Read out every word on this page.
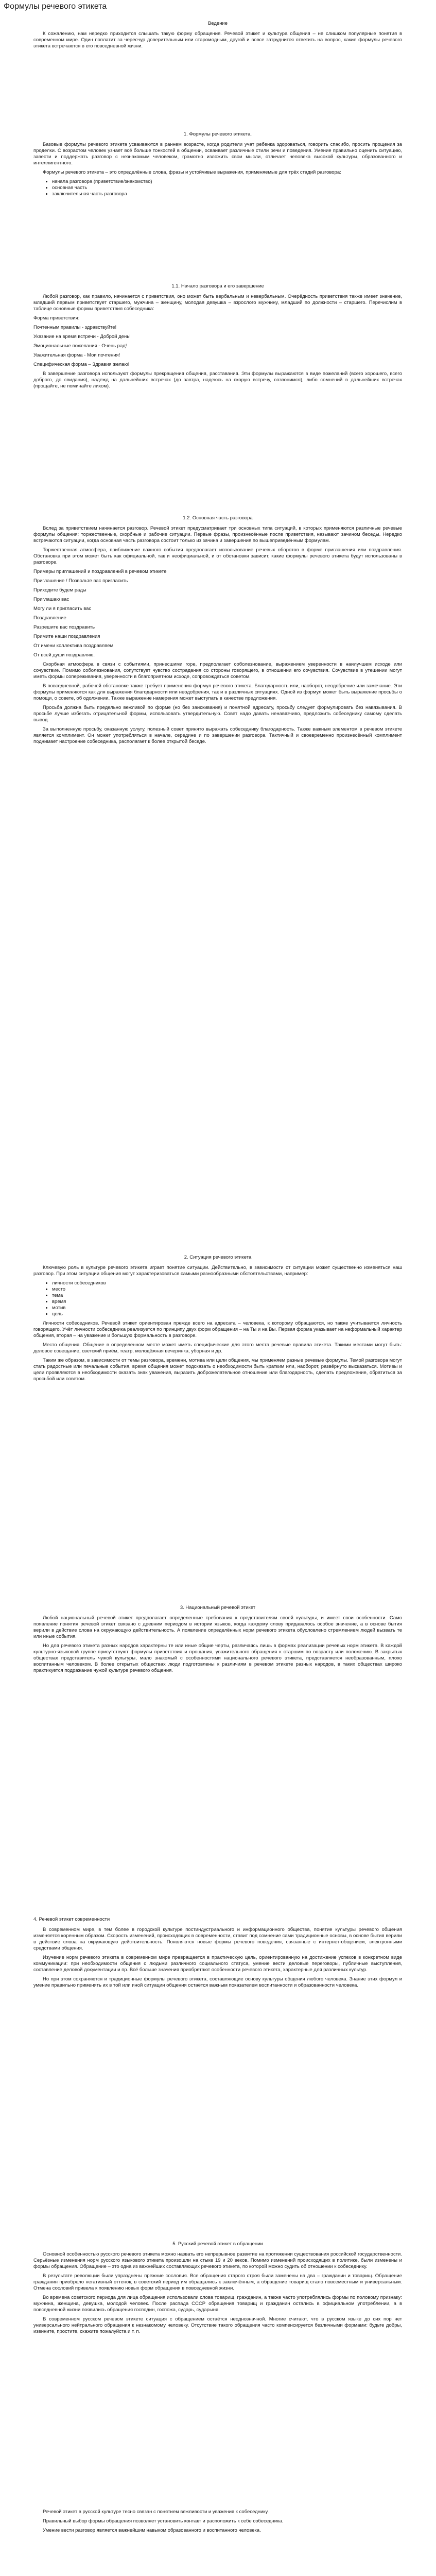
Формулы речевого этикета

Ведение

К сожалению, нам нередко приходится слышать такую форму обращения. Речевой этикет и культура общения – не слишком популярные понятия в современном мире. Один поплатит за чересчур доверительным или старомодным, другой и вовсе затруднится ответить на вопрос, какие формулы речевого этикета встречаются в его повседневной жизни.

1. Формулы речевого этикета.

Базовые формулы речевого этикета усваиваются в раннем возрасте, когда родители учат ребенка здороваться, говорить спасибо, просить прощения за проделки. С возрастом человек узнает всё больше тонкостей в общении, осваивает различные стили речи и поведения. Умение правильно оценить ситуацию, завести и поддержать разговор с незнакомым человеком, грамотно изложить свои мысли, отличает человека высокой культуры, образованного и интеллигентного.

Формулы речевого этикета – это определённые слова, фразы и устойчивые выражения, применяемые для трёх стадий разговора:

• начала разговора (приветствие/знакомство)
• основная часть
• заключительная часть разговора

1.1. Начало разговора и его завершение

Любой разговор, как правило, начинается с приветствия, оно может быть вербальным и невербальным. Очерёдность приветствия также имеет значение, младший первым приветствует старшего, мужчина – женщину, молодая девушка – взрослого мужчину, младший по должности – старшего. Перечислим в таблице основные формы приветствия собеседника:

Форма приветствия:

Почтенным правилы - здравствуйте!

Указание на время встречи - Доброй день!

Эмоциональные пожелания - Очень рад!

Уважительная форма - Мои почтения!

Специфическая форма – Здравия желаю!

В завершение разговора используют формулы прекращения общения, расставания. Эти формулы выражаются в виде пожеланий (всего хорошего, всего доброго, до свидания), надежд на дальнейших встречах (до завтра, надеюсь на скорую встречу, созвонимся), либо сомнений в дальнейших встречах (прощайте, не поминайте лихом).

1.2. Основная часть разговора

Вслед за приветствием начинается разговор. Речевой этикет предусматривает три основных типа ситуаций, в которых применяются различные речевые формулы общения: торжественные, скорбные и рабочие ситуации. Первые фразы, произнесённые после приветствия, называют зачином беседы. Нередко встречаются ситуации, когда основная часть разговора состоит только из зачина и завершения по вышеприведённым формулам.

Торжественная атмосфера, приближение важного события предполагает использование речевых оборотов в форме приглашения или поздравления. Обстановка при этом может быть как официальной, так и неофициальной, и от обстановки зависит, какие формулы речевого этикета будут использованы в разговоре.

Примеры приглашений и поздравлений в речевом этикете

Приглашение / Позвольте вас пригласить

Приходите будем рады

Приглашаю вас

Могу ли я пригласить вас

Поздравление

Разрешите вас поздравить

Примите наши поздравления

От имени коллектива поздравляем

От всей души поздравляю.

Скорбная атмосфера в связи с событиями, принесшими горе, предполагает соболезнование, выражением уверенности в наилучшем исходе или сочувствие. Помимо соболезнования, сопутствует чувство сострадания со стороны говорящего, в отношении его сочувствия. Сочувствие в утешении могут иметь формы сопереживания, уверенности в благоприятном исходе, сопровождаться советом.

В повседневной, рабочей обстановке также требует применения формул речевого этикета. Благодарность или, наоборот, неодобрение или замечание. Эти формулы применяются как для выражения благодарности или неодобрения, так и в различных ситуациях. Одной из формул может быть выражение просьбы о помощи, о совете, об одолжении. Также выражение намерения может выступать в качестве предложения.

Просьба должна быть предельно вежливой по форме (но без заискивания) и понятной адресату, просьбу следует формулировать без навязывания. В просьбе лучше избегать отрицательной формы, использовать утвердительную. Совет надо давать ненавязчиво, предложить собеседнику самому сделать вывод.

За выполненную просьбу, оказанную услугу, полезный совет принято выражать собеседнику благодарность. Также важным элементом в речевом этикете является комплимент. Он может употребляться в начале, середине и по завершении разговора. Тактичный и своевременно произнесённый комплимент поднимает настроение собеседника, располагает к более открытой беседе.

2. Ситуация речевого этикета

Ключевую роль в культуре речевого этикета играет понятие ситуации. Действительно, в зависимости от ситуации может существенно изменяться наш разговор. При этом ситуации общения могут характеризоваться самыми разнообразными обстоятельствами, например:

• личности собеседников
• место
• тема
• время
• мотив
• цель

Личности собеседников. Речевой этикет ориентирован прежде всего на адресата – человека, к которому обращаются, но также учитывается личность говорящего. Учёт личности собеседника реализуется по принципу двух форм обращения – на Ты и на Вы. Первая форма указывает на неформальный характер общения, вторая – на уважение и большую формальность в разговоре.

Место общения. Общение в определённом месте может иметь специфические для этого места речевые правила этикета. Такими местами могут быть: деловое совещание, светский приём, театр, молодёжная вечеринка, уборная и др.

Таким же образом, в зависимости от темы разговора, времени, мотива или цели общения, мы применяем разные речевые формулы. Темой разговора могут стать радостные или печальные события, время общения может подсказать о необходимости быть кратким или, наоборот, развёрнуто высказаться. Мотивы и цели проявляются в необходимости оказать знак уважения, выразить доброжелательное отношение или благодарность, сделать предложение, обратиться за просьбой или советом.

3. Национальный речевой этикет

Любой национальный речевой этикет предполагает определенные требования к представителям своей культуры, и имеет свои особенности. Само появление понятия речевой этикет связано с древним периодом в истории языков, когда каждому слову придавалось особое значение, а в основе бытия верили в действие слова на окружающую действительность. А появление определённых норм речевого этикета обусловлено стремлением людей вызвать те или иные события.

Но для речевого этикета разных народов характерны те или иные общие черты, различаясь лишь в формах реализации речевых норм этикета. В каждой культурно-языковой группе присутствуют формулы приветствия и прощания, уважительного обращения к старшим по возрасту или положению. В закрытых обществах представитель чужой культуры, мало знакомый с особенностями национального речевого этикета, представляется необразованным, плохо воспитанным человеком. В более открытых обществах люди подготовлены к различиям в речевом этикете разных народов, в таких обществах широко практикуется подражание чужой культуре речевого общения.

4. Речевой этикет современности

В современном мире, в тем более в городской культуре постиндустриального и информационного общества, понятие культуры речевого общения изменяется коренным образом. Скорость изменений, происходящих в современности, ставит под сомнение сами традиционные основы, в основе бытия верили в действие слова на окружающую действительность. Появляются новые формы речевого поведения, связанные с интернет-общением, электронными средствами общения.

Изучение норм речевого этикета в современном мире превращается в практическую цель, ориентированную на достижение успехов в конкретном виде коммуникации: при необходимости общения с людьми различного социального статуса, умение вести деловые переговоры, публичные выступления, составление деловой документации и пр. Всё больше значения приобретают особенности речевого этикета, характерные для различных культур.

Но при этом сохраняются и традиционные формулы речевого этикета, составляющие основу культуры общения любого человека. Знание этих формул и умение правильно применять их в той или иной ситуации общения остаётся важным показателем воспитанности и образованности человека.

5. Русский речевой этикет в обращении

Основной особенностью русского речевого этикета можно назвать его непрерывное развитие на протяжении существования российской государственности. Серьёзные изменения норм русского языкового этикета произошли на стыке 19 и 20 веков. Помимо изменений происходящих в политике, были изменены и формы обращения. Обращение – это одна из важнейших составляющих речевого этикета, по которой можно судить об отношении к собеседнику.

В результате революции были упразднены прежние сословия. Все обращения старого строя были заменены на два – гражданин и товарищ. Обращение гражданин приобрело негативный оттенок, в советский период им обращались к заключённым, а обращение товарищ стало повсеместным и универсальным. Отмена сословий привела к появлению новых форм обращения в повседневной жизни.

Во времена советского периода для лица обращения использовали слова товарищ, гражданин, а также часто употреблялись формы по половому признаку: мужчина, женщина, девушка, молодой человек. После распада СССР обращения товарищ и гражданин остались в официальном употреблении, а в повседневной жизни появились обращения господин, госпожа, сударь, сударыня.

В современном русском речевом этикете ситуация с обращением остаётся неоднозначной. Многие считают, что в русском языке до сих пор нет универсального нейтрального обращения к незнакомому человеку. Отсутствие такого обращения часто компенсируется безличными формами: будьте добры, извините, простите, скажите пожалуйста и т. п.

Речевой этикет в русской культуре тесно связан с понятием вежливости и уважения к собеседнику.

Правильный выбор формы обращения позволяет установить контакт и расположить к себе собеседника.

Умение вести разговор является важнейшим навыком образованного и воспитанного человека.
